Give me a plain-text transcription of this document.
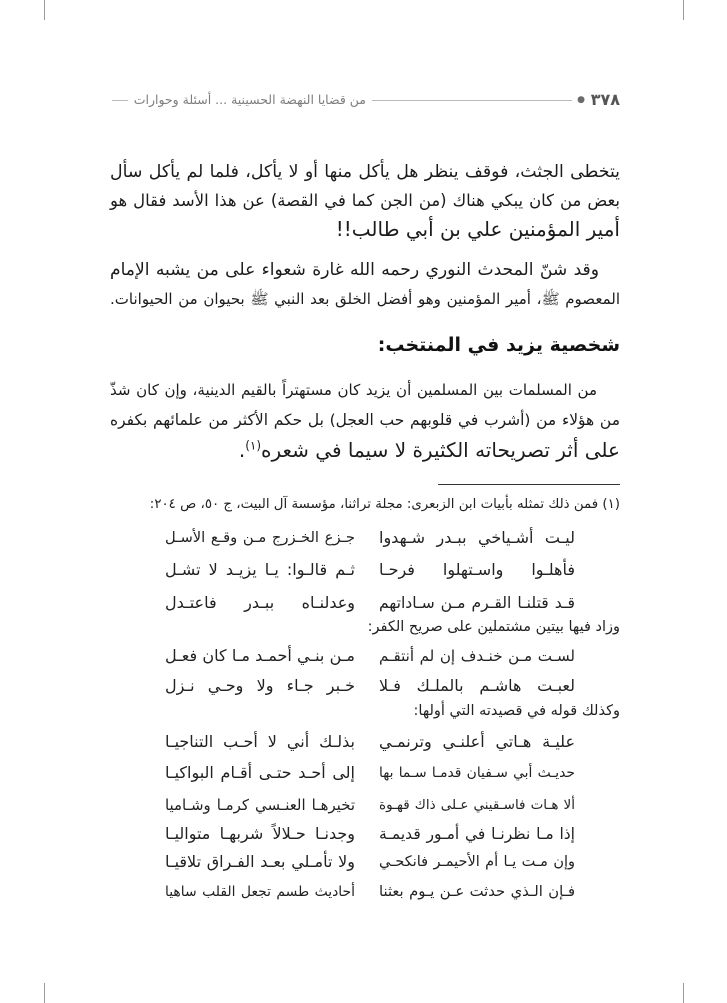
٣٧٨
●
من قضايا النهضة الحسينية ... أسئلة وحوارات
يتخطى الجثث، فوقف ينظر هل يأكل منها أو لا يأكل، فلما لم يأكل سأل
بعض من كان يبكي هناك (من الجن كما في القصة) عن هذا الأسد فقال هو
أمير المؤمنين علي بن أبي طالب!!
وقد شنّ المحدث النوري رحمه الله غارة شعواء على من يشبه الإمام
المعصوم ﷺ، أمير المؤمنين وهو أفضل الخلق بعد النبي ﷺ بحيوان من الحيوانات.
شخصية يزيد في المنتخب:
من المسلمات بين المسلمين أن يزيد كان مستهتراً بالقيم الدينية، وإن كان شذّ
من هؤلاء من (أشرب في قلوبهم حب العجل) بل حكم الأكثر من علمائهم بكفره
على أثر تصريحاته الكثيرة لا سيما في شعره$^{(١)}$.
(١) فمن ذلك تمثله بأبيات ابن الزبعرى: مجلة تراثنا، مؤسسة آل البيت، ج ٥٠، ص ٢٠٤:
ليـت أشـياخي ببـدر شـهدوا
جـزع الخـزرج مـن وقـع الأسـل
فأهلـوا واسـتهلوا فرحـا
ثـم قالـوا: يـا يزيـد لا تشـل
قـد قتلنـا القـرم مـن سـاداتهم
وعدلنـاه ببـدر فاعتـدل
وزاد فيها بيتين مشتملين على صريح الكفر:
لسـت مـن خنـدف إن لم أنتقـم
مـن بنـي أحمـد مـا كان فعـل
لعبـت هاشـم بالملـك فـلا
خـبر جـاء ولا وحـي نـزل
وكذلك قوله في قصيدته التي أولها:
عليـة هـاتي أعلنـي وترنمـي
بذلـك أني لا أحـب التناجيـا
حديـث أبي سـفيان قدمـا سـما بها
إلى أحـد حتـى أقـام البواكيـا
ألا هـات فاسـقيني عـلى ذاك قهـوة
تخيرهـا العنـسي كرمـا وشـاميا
إذا مـا نظرنـا في أمـور قديمـة
وجدنـا حـلالاً شربهـا متواليـا
وإن مـت يـا أم الأحيمـر فانكحـي
ولا تأمـلي بعـد الفـراق تلاقيـا
فـإن الـذي حدثت عـن يـوم بعثنا
أحاديث طسم تجعل القلب ساهيا
